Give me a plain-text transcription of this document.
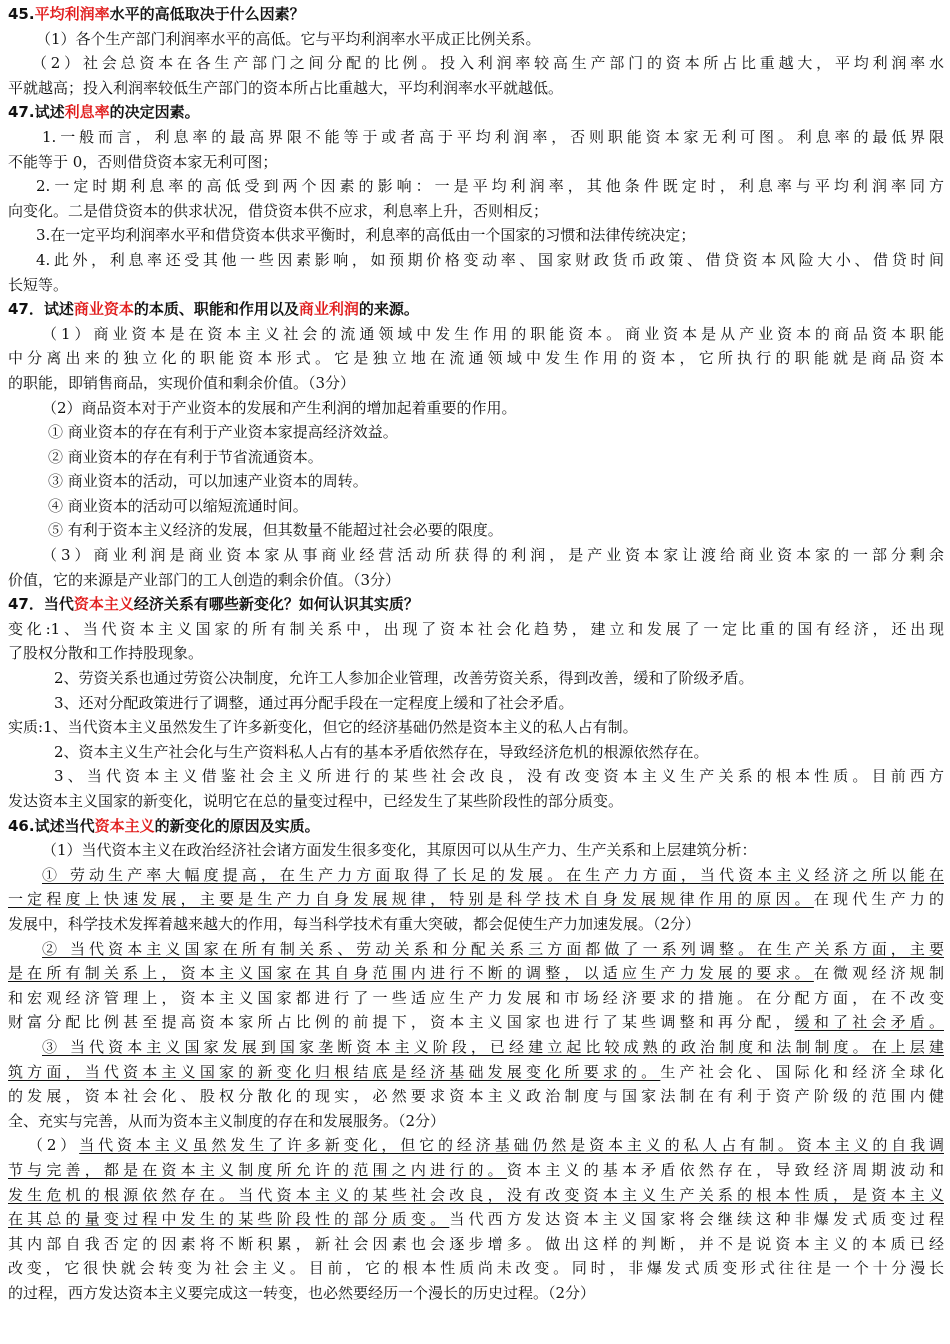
45.平均利润率水平的高低取决于什么因素？
（1）各个生产部门利润率水平的高低。它与平均利润率水平成正比例关系。
（2）社会总资本在各生产部门之间分配的比例。投入利润率较高生产部门的资本所占比重越大，平均利润率水
平就越高；投入利润率较低生产部门的资本所占比重越大，平均利润率水平就越低。
47.试述利息率的决定因素。
1.一般而言，利息率的最高界限不能等于或者高于平均利润率，否则职能资本家无利可图。利息率的最低界限
不能等于 0，否则借贷资本家无利可图；
2.一定时期利息率的高低受到两个因素的影响：一是平均利润率，其他条件既定时，利息率与平均利润率同方
向变化。二是借贷资本的供求状况，借贷资本供不应求，利息率上升，否则相反；
3.在一定平均利润率水平和借贷资本供求平衡时，利息率的高低由一个国家的习惯和法律传统决定；
4.此外，利息率还受其他一些因素影响，如预期价格变动率、国家财政货币政策、借贷资本风险大小、借贷时间
长短等。
47．试述商业资本的本质、职能和作用以及商业利润的来源。
（1）商业资本是在资本主义社会的流通领域中发生作用的职能资本。商业资本是从产业资本的商品资本职能
中分离出来的独立化的职能资本形式。它是独立地在流通领域中发生作用的资本，它所执行的职能就是商品资本
的职能，即销售商品，实现价值和剩余价值。（3分）
（2）商品资本对于产业资本的发展和产生利润的增加起着重要的作用。
① 商业资本的存在有利于产业资本家提高经济效益。
② 商业资本的存在有利于节省流通资本。
③ 商业资本的活动，可以加速产业资本的周转。
④ 商业资本的活动可以缩短流通时间。
⑤ 有利于资本主义经济的发展，但其数量不能超过社会必要的限度。
（3）商业利润是商业资本家从事商业经营活动所获得的利润，是产业资本家让渡给商业资本家的一部分剩余
价值，它的来源是产业部门的工人创造的剩余价值。（3分）
47．当代资本主义经济关系有哪些新变化？如何认识其实质？
变化:1、当代资本主义国家的所有制关系中，出现了资本社会化趋势，建立和发展了一定比重的国有经济，还出现
了股权分散和工作持股现象。
2、劳资关系也通过劳资公决制度，允许工人参加企业管理，改善劳资关系，得到改善，缓和了阶级矛盾。
3、还对分配政策进行了调整，通过再分配手段在一定程度上缓和了社会矛盾。
实质:1、当代资本主义虽然发生了许多新变化，但它的经济基础仍然是资本主义的私人占有制。
2、资本主义生产社会化与生产资料私人占有的基本矛盾依然存在，导致经济危机的根源依然存在。
3、当代资本主义借鉴社会主义所进行的某些社会改良，没有改变资本主义生产关系的根本性质。目前西方
发达资本主义国家的新变化，说明它在总的量变过程中，已经发生了某些阶段性的部分质变。
46.试述当代资本主义的新变化的原因及实质。
（1）当代资本主义在政治经济社会诸方面发生很多变化，其原因可以从生产力、生产关系和上层建筑分析：
① 劳动生产率大幅度提高，在生产力方面取得了长足的发展。在生产力方面，当代资本主义经济之所以能在
一定程度上快速发展，主要是生产力自身发展规律，特别是科学技术自身发展规律作用的原因。在现代生产力的
发展中，科学技术发挥着越来越大的作用，每当科学技术有重大突破，都会促使生产力加速发展。（2分）
② 当代资本主义国家在所有制关系、劳动关系和分配关系三方面都做了一系列调整。在生产关系方面，主要
是在所有制关系上，资本主义国家在其自身范围内进行不断的调整，以适应生产力发展的要求。在微观经济规制
和宏观经济管理上，资本主义国家都进行了一些适应生产力发展和市场经济要求的措施。在分配方面，在不改变
财富分配比例甚至提高资本家所占比例的前提下，资本主义国家也进行了某些调整和再分配，缓和了社会矛盾。
③ 当代资本主义国家发展到国家垄断资本主义阶段，已经建立起比较成熟的政治制度和法制制度。在上层建
筑方面，当代资本主义国家的新变化归根结底是经济基础发展变化所要求的。生产社会化、国际化和经济全球化
的发展，资本社会化、股权分散化的现实，必然要求资本主义政治制度与国家法制在有利于资产阶级的范围内健
全、充实与完善，从而为资本主义制度的存在和发展服务。（2分）
（2）当代资本主义虽然发生了许多新变化，但它的经济基础仍然是资本主义的私人占有制。资本主义的自我调
节与完善，都是在资本主义制度所允许的范围之内进行的。资本主义的基本矛盾依然存在，导致经济周期波动和
发生危机的根源依然存在。当代资本主义的某些社会改良，没有改变资本主义生产关系的根本性质，是资本主义
在其总的量变过程中发生的某些阶段性的部分质变。当代西方发达资本主义国家将会继续这种非爆发式质变过程
其内部自我否定的因素将不断积累，新社会因素也会逐步增多。做出这样的判断，并不是说资本主义的本质已经
改变，它很快就会转变为社会主义。目前，它的根本性质尚未改变。同时，非爆发式质变形式往往是一个十分漫长
的过程，西方发达资本主义要完成这一转变，也必然要经历一个漫长的历史过程。（2分）
